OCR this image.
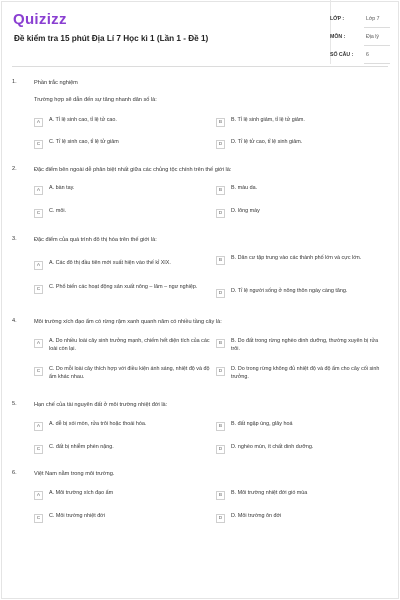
Quizizz
Đề kiểm tra 15 phút Địa Lí 7 Học kì 1 (Lần 1 - Đề 1)
LỚP :	Lớp 7
MÔN :	Địa lý
SỐ CÂU : 6
1.	Phần trắc nghiệm
Trường hợp sẽ dẫn đến sự tăng nhanh dân số là:
A	A. Tỉ lệ sinh cao, tỉ lệ tử cao.	B	B. Tỉ lệ sinh giảm, tỉ lệ tử giảm.
C	C. Tỉ lệ sinh cao, tỉ lệ tử giảm	D	D. Tỉ lệ tử cao, tỉ lệ sinh giảm.
2.	Đặc điểm bên ngoài dễ phân biệt nhất giữa các chủng tộc chính trên thế giới là:
A	A. bàn tay.	B	B. màu da.
C	C. môi.	D	D. lông mày
3.	Đặc điểm của quá trình đô thị hóa trên thế giới là:
A	A. Các đô thị đầu tiên mới xuất hiện vào thế kỉ XIX.	B	B. Dân cư tập trung vào các thành phố lớn và cực lớn.
C	C. Phổ biến các hoạt động sản xuất nông – lâm – ngư nghiệp.
D	D. Tỉ lệ người sống ở nông thôn ngày càng tăng.
4.	Môi trường xích đạo ẩm có rừng rậm xanh quanh năm có nhiều tầng cây là:
A	A. Do nhiều loài cây sinh trưởng mạnh, chiếm hết diện tích của các loài còn lại.
B	B. Do đất trong rừng nghèo dinh dưỡng, thường xuyên bị rửa trôi.
C	C. Do mỗi loài cây thích hợp với điều kiện ánh sáng, nhiệt độ và độ ẩm khác nhau.
D	D. Do trong rừng không đủ nhiệt độ và độ ẩm cho cây cối sinh trưởng.
5.	Hạn chế của tài nguyên đất ở môi trường nhiệt đới là:
A	A. dễ bị xói mòn, rửa trôi hoặc thoái hóa.	B	B. đất ngập úng, glây hoá
C	C. đất bị nhiễm phèn nặng.	D	D. nghèo mùn, ít chất dinh dưỡng.
6.	Việt Nam nằm trong môi trường.
A	A. Môi trường xích đạo ẩm	B	B. Môi trường nhiệt đới gió mùa
C	C. Môi trường nhiệt đới	D	D. Môi trường ôn đới
